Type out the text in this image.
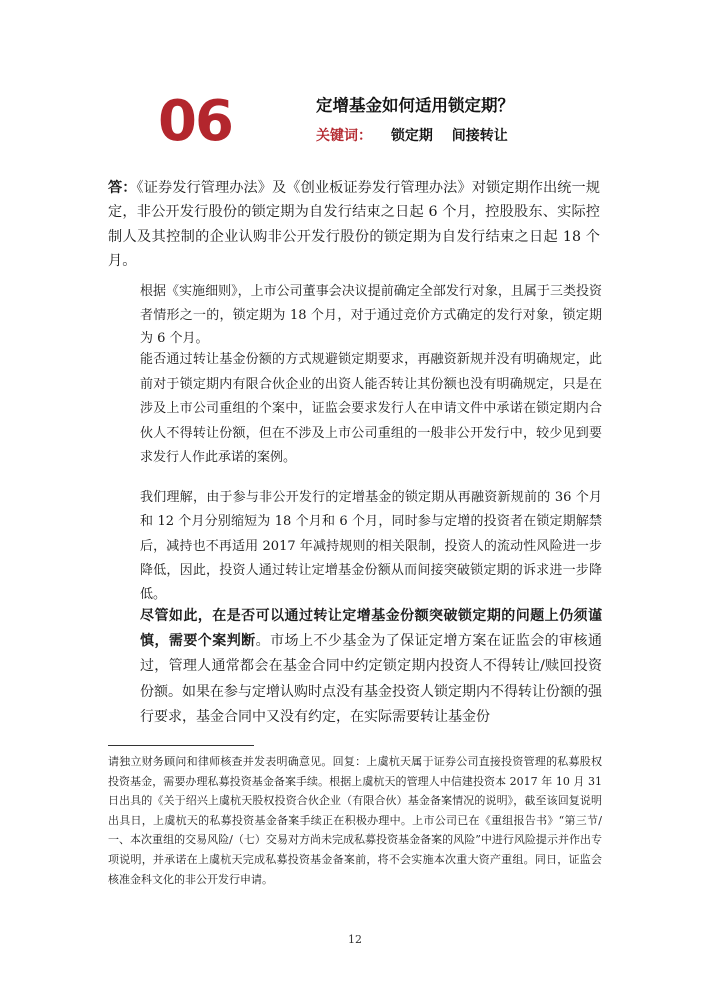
06	定增基金如何适用锁定期？
关键词： 锁定期 间接转让
答：《证券发行管理办法》及《创业板证券发行管理办法》对锁定期作出统一规定，非公开发行股份的锁定期为自发行结束之日起 6 个月，控股股东、实际控制人及其控制的企业认购非公开发行股份的锁定期为自发行结束之日起 18 个月。
根据《实施细则》，上市公司董事会决议提前确定全部发行对象，且属于三类投资者情形之一的，锁定期为 18 个月，对于通过竞价方式确定的发行对象，锁定期为 6 个月。
能否通过转让基金份额的方式规避锁定期要求，再融资新规并没有明确规定，此前对于锁定期内有限合伙企业的出资人能否转让其份额也没有明确规定，只是在涉及上市公司重组的个案中，证监会要求发行人在申请文件中承诺在锁定期内合伙人不得转让份额，但在不涉及上市公司重组的一般非公开发行中，较少见到要求发行人作此承诺的案例。
我们理解，由于参与非公开发行的定增基金的锁定期从再融资新规前的 36 个月和 12 个月分别缩短为 18 个月和 6 个月，同时参与定增的投资者在锁定期解禁后，减持也不再适用 2017 年减持规则的相关限制，投资人的流动性风险进一步降低，因此，投资人通过转让定增基金份额从而间接突破锁定期的诉求进一步降低。
尽管如此，在是否可以通过转让定增基金份额突破锁定期的问题上仍须谨慎，需要个案判断。市场上不少基金为了保证定增方案在证监会的审核通过，管理人通常都会在基金合同中约定锁定期内投资人不得转让/赎回投资份额。如果在参与定增认购时点没有基金投资人锁定期内不得转让份额的强行要求，基金合同中又没有约定，在实际需要转让基金份
请独立财务顾问和律师核查并发表明确意见。回复：上虞杭天属于证券公司直接投资管理的私募股权投资基金，需要办理私募投资基金备案手续。根据上虞杭天的管理人中信建投资本 2017 年 10 月 31 日出具的《关于绍兴上虞杭天股权投资合伙企业（有限合伙）基金备案情况的说明》，截至该回复说明出具日，上虞杭天的私募投资基金备案手续正在积极办理中。上市公司已在《重组报告书》“第三节/一、本次重组的交易风险/（七）交易对方尚未完成私募投资基金备案的风险”中进行风险提示并作出专项说明，并承诺在上虞杭天完成私募投资基金备案前，将不会实施本次重大资产重组。同日，证监会核准金科文化的非公开发行申请。
12
